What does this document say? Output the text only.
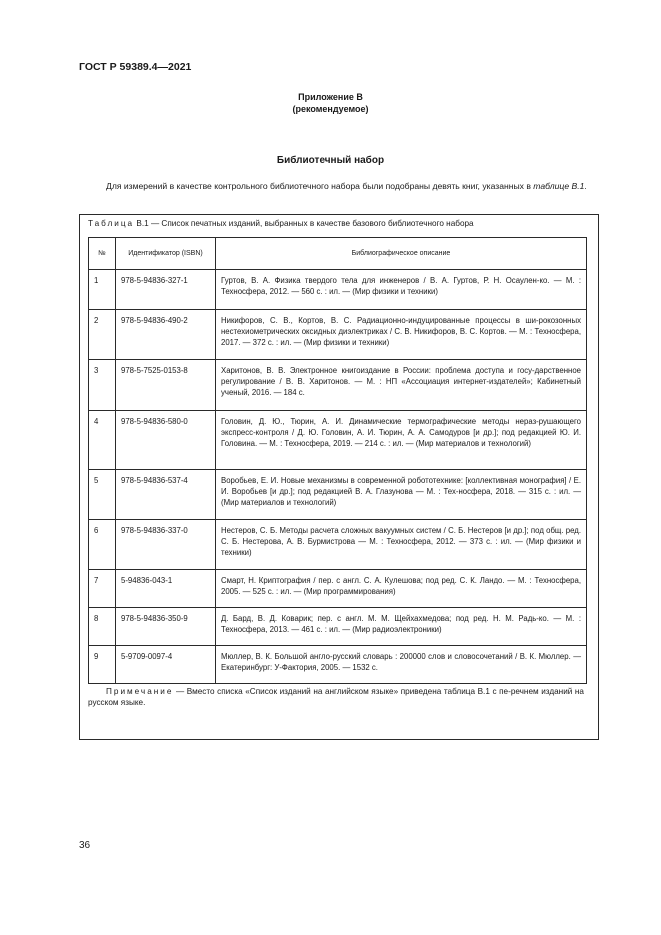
ГОСТ Р 59389.4—2021
Приложение В
(рекомендуемое)
Библиотечный набор
Для измерений в качестве контрольного библиотечного набора были подобраны девять книг, указанных в таблице В.1.
Таблица В.1 — Список печатных изданий, выбранных в качестве базового библиотечного набора
№	Идентификатор (ISBN)	Библиографическое описание
1	978-5-94836-327-1	Гуртов, В. А. Физика твердого тела для инженеров / В. А. Гуртов, Р. Н. Осаулен-ко. — М. : Техносфера, 2012. — 560 с. : ил. — (Мир физики и техники)
2	978-5-94836-490-2	Никифоров, С. В., Кортов, В. С. Радиационно-индуцированные процессы в ши-рокозонных нестехиометрических оксидных диэлектриках / С. В. Никифоров, В. С. Кортов. — М. : Техносфера, 2017. — 372 с. : ил. — (Мир физики и техники)
3	978-5-7525-0153-8	Харитонов, В. В. Электронное книгоиздание в России: проблема доступа и госу-дарственное регулирование / В. В. Харитонов. — М. : НП «Ассоциация интернет-издателей»; Кабинетный ученый, 2016. — 184 с.
4	978-5-94836-580-0	Головин, Д. Ю., Тюрин, А. И. Динамические термографические методы нераз-рушающего экспресс-контроля / Д. Ю. Головин, А. И. Тюрин, А. А. Самодуров [и др.]; под редакцией Ю. И. Головина. — М. : Техносфера, 2019. — 214 с. : ил. — (Мир материалов и технологий)
5	978-5-94836-537-4	Воробьев, Е. И. Новые механизмы в современной робототехнике: [коллективная монография] / Е. И. Воробьев [и др.]; под редакцией В. А. Глазунова — М. : Тех-носфера, 2018. — 315 с. : ил. — (Мир материалов и технологий)
6	978-5-94836-337-0	Нестеров, С. Б. Методы расчета сложных вакуумных систем / С. Б. Нестеров [и др.]; под общ. ред. С. Б. Нестерова, А. В. Бурмистрова — М. : Техносфера, 2012. — 373 с. : ил. — (Мир физики и техники)
7	5-94836-043-1	Смарт, Н. Криптография / пер. с англ. С. А. Кулешова; под ред. С. К. Ландо. — М. : Техносфера, 2005. — 525 с. : ил. — (Мир программирования)
8	978-5-94836-350-9	Д. Бард, В. Д. Коварик; пер. с англ. М. М. Щейхахмедова; под ред. Н. М. Радь-ко. — М. : Техносфера, 2013. — 461 с. : ил. — (Мир радиоэлектроники)
9	5-9709-0097-4	Мюллер, В. К. Большой англо-русский словарь : 200000 слов и словосочетаний / В. К. Мюллер. — Екатеринбург: У-Фактория, 2005. — 1532 с.
Примечание — Вместо списка «Список изданий на английском языке» приведена таблица В.1 с пе-речнем изданий на русском языке.
36
